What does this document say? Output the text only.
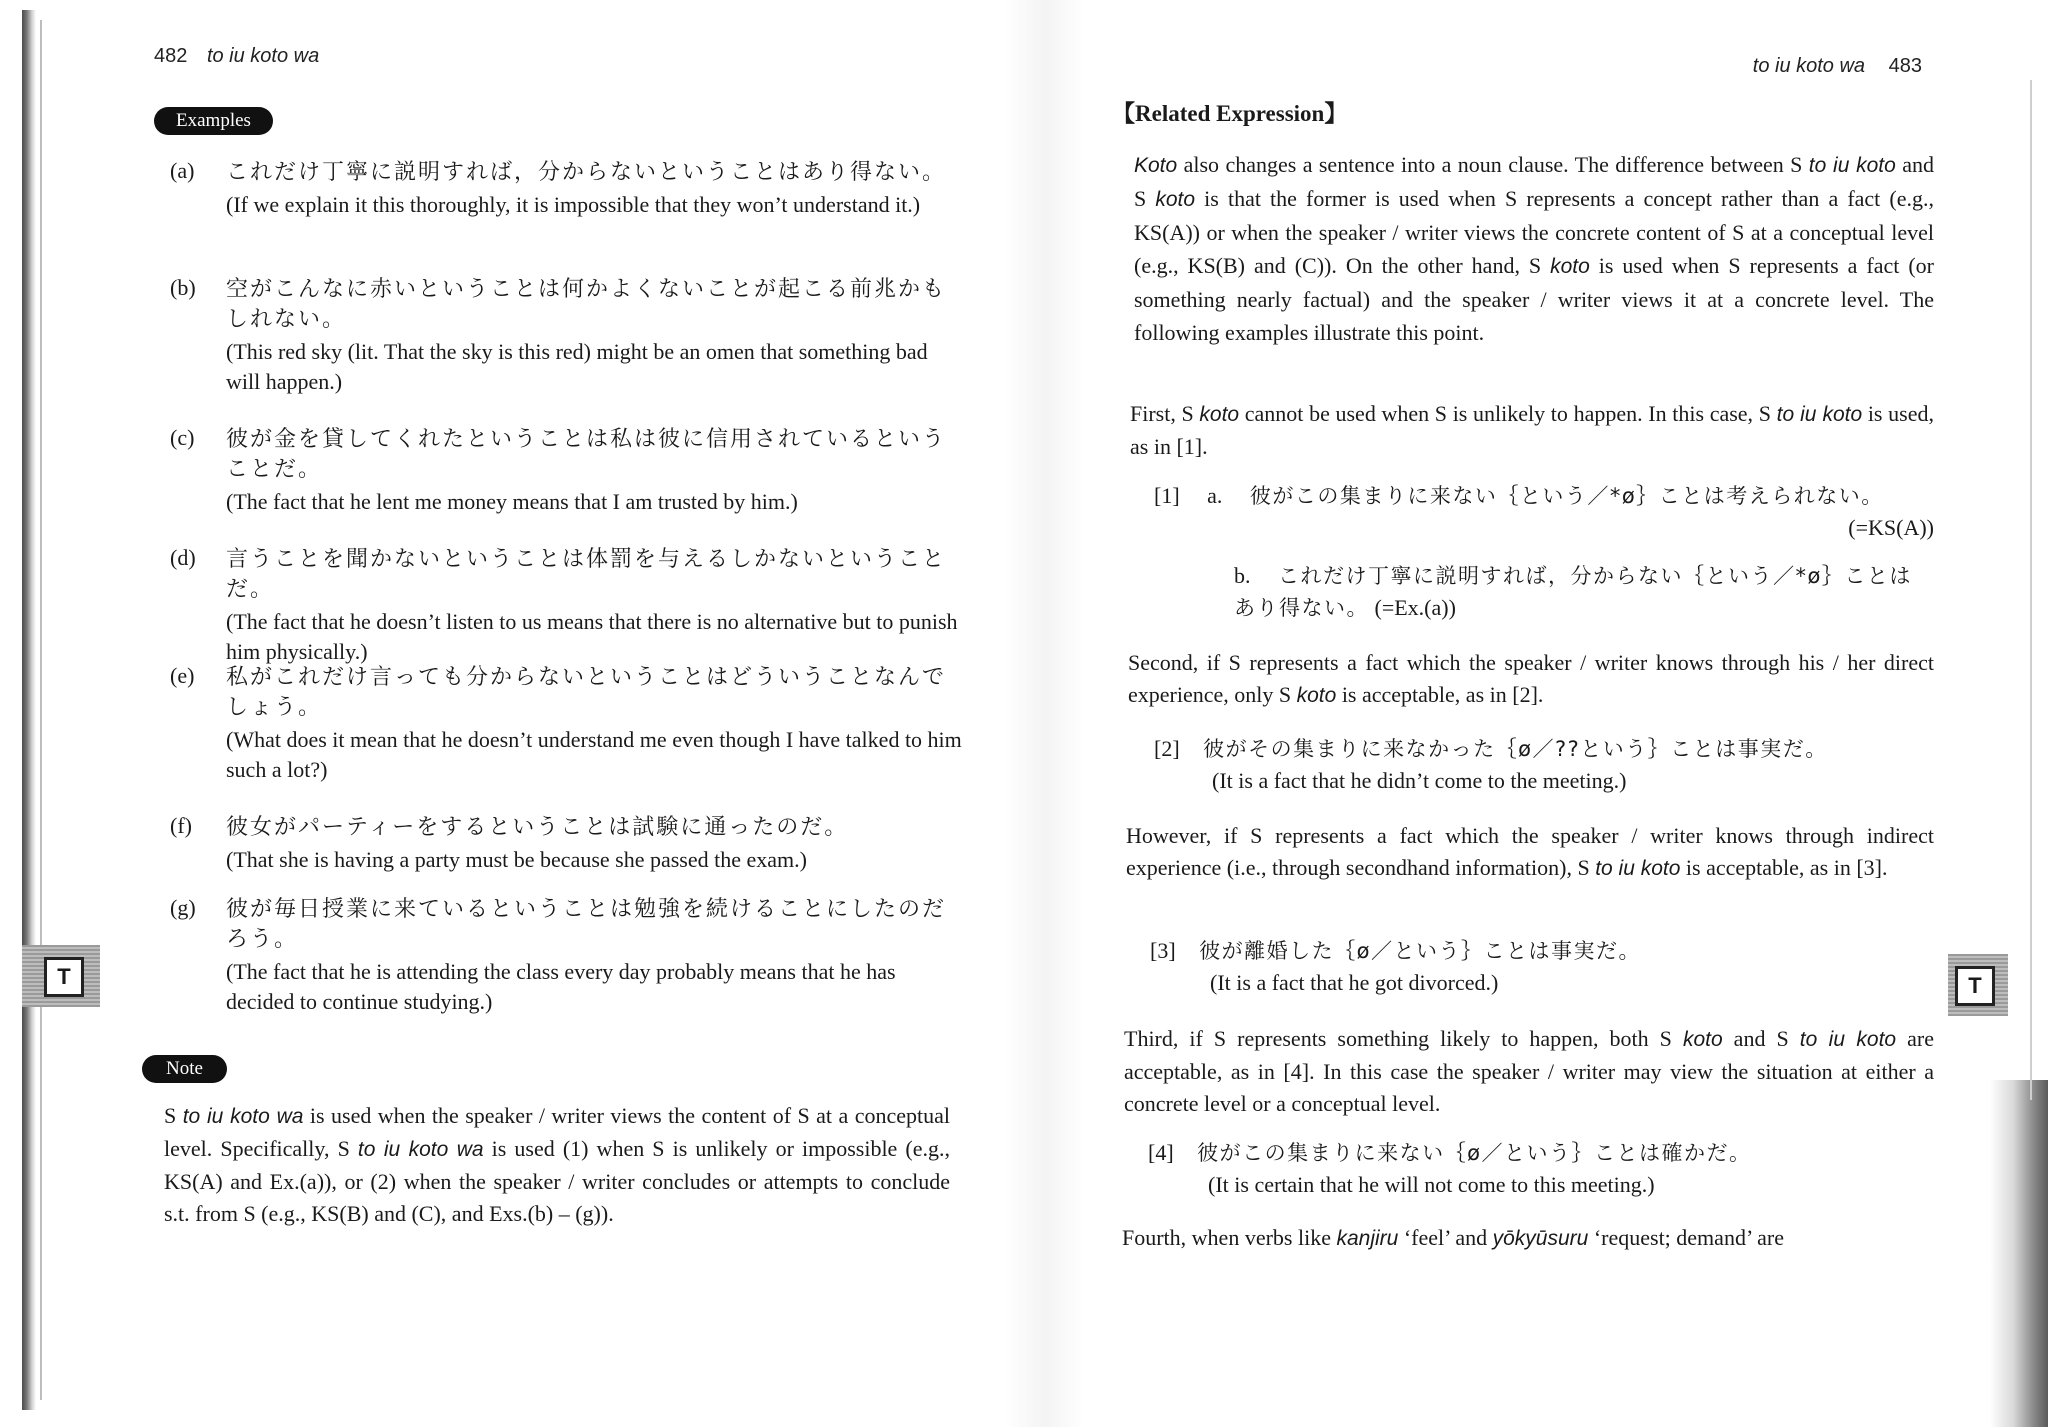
482 to iu koto wa
Examples
(a) これだけ丁寧に説明すれば，分からないということはあり得ない。
(If we explain it this thoroughly, it is impossible that they won’t understand it.)
(b) 空がこんなに赤いということは何かよくないことが起こる前兆かもしれない。
(This red sky (lit. That the sky is this red) might be an omen that something bad will happen.)
(c) 彼が金を貸してくれたということは私は彼に信用されているということだ。
(The fact that he lent me money means that I am trusted by him.)
(d) 言うことを聞かないということは体罰を与えるしかないということだ。
(The fact that he doesn’t listen to us means that there is no alternative but to punish him physically.)
(e) 私がこれだけ言っても分からないということはどういうことなんでしょう。
(What does it mean that he doesn’t understand me even though I have talked to him such a lot?)
(f) 彼女がパーティーをするということは試験に通ったのだ。
(That she is having a party must be because she passed the exam.)
(g) 彼が毎日授業に来ているということは勉強を続けることにしたのだろう。
(The fact that he is attending the class every day probably means that he has decided to continue studying.)
Note
S to iu koto wa is used when the speaker / writer views the content of S at a conceptual level. Specifically, S to iu koto wa is used (1) when S is unlikely or impossible (e.g., KS(A) and Ex.(a)), or (2) when the speaker / writer concludes or attempts to conclude s.t. from S (e.g., KS(B) and (C), and Exs.(b) – (g)).
T
to iu koto wa 483
【Related Expression】
Koto also changes a sentence into a noun clause. The difference between S to iu koto and S koto is that the former is used when S represents a concept rather than a fact (e.g., KS(A)) or when the speaker / writer views the concrete content of S at a conceptual level (e.g., KS(B) and (C)). On the other hand, S koto is used when S represents a fact (or something nearly factual) and the speaker / writer views it at a concrete level. The following examples illustrate this point.
First, S koto cannot be used when S is unlikely to happen. In this case, S to iu koto is used, as in [1].
[1] a. 彼がこの集まりに来ない｛という／*ø｝ことは考えられない。
(=KS(A))
b. これだけ丁寧に説明すれば，分からない｛という／*ø｝ことはあり得ない。 (=Ex.(a))
Second, if S represents a fact which the speaker / writer knows through his / her direct experience, only S koto is acceptable, as in [2].
[2] 彼がその集まりに来なかった｛ø／??という｝ことは事実だ。
(It is a fact that he didn’t come to the meeting.)
However, if S represents a fact which the speaker / writer knows through indirect experience (i.e., through secondhand information), S to iu koto is acceptable, as in [3].
[3] 彼が離婚した｛ø／という｝ことは事実だ。
(It is a fact that he got divorced.)
Third, if S represents something likely to happen, both S koto and S to iu koto are acceptable, as in [4]. In this case the speaker / writer may view the situation at either a concrete level or a conceptual level.
[4] 彼がこの集まりに来ない｛ø／という｝ことは確かだ。
(It is certain that he will not come to this meeting.)
Fourth, when verbs like kanjiru ‘feel’ and yōkyūsuru ‘request; demand’ are
T
